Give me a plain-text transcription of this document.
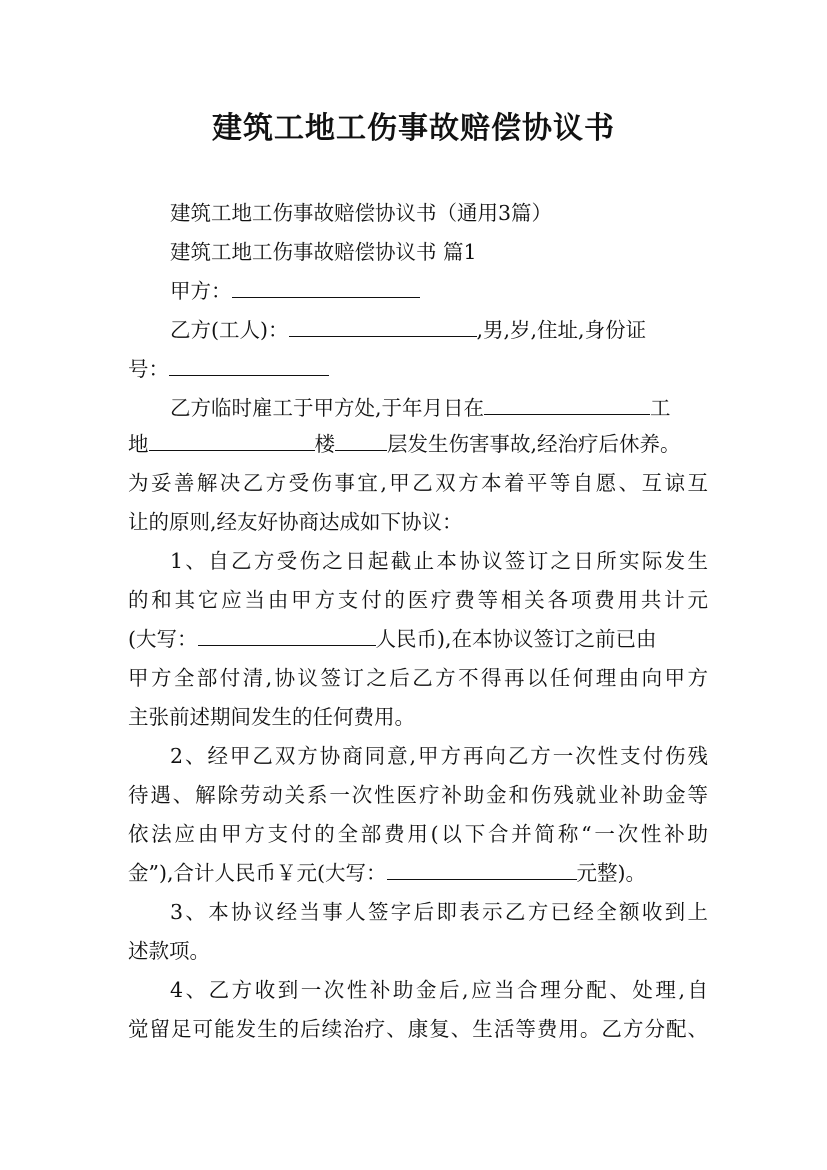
建筑工地工伤事故赔偿协议书
建筑工地工伤事故赔偿协议书（通用3篇）
建筑工地工伤事故赔偿协议书 篇1
甲方：
乙方(工人)：	,男,岁,住址,身份证
号：
乙方临时雇工于甲方处,于年月日在	工
地	楼	层发生伤害事故,经治疗后休养。
为妥善解决乙方受伤事宜,甲乙双方本着平等自愿、互谅互
让的原则,经友好协商达成如下协议：
1、自乙方受伤之日起截止本协议签订之日所实际发生
的和其它应当由甲方支付的医疗费等相关各项费用共计元
(大写：	人民币),在本协议签订之前已由
甲方全部付清,协议签订之后乙方不得再以任何理由向甲方
主张前述期间发生的任何费用。
2、经甲乙双方协商同意,甲方再向乙方一次性支付伤残
待遇、解除劳动关系一次性医疗补助金和伤残就业补助金等
依法应由甲方支付的全部费用(以下合并简称“一次性补助
金”),合计人民币￥元(大写：	元整)。
3、本协议经当事人签字后即表示乙方已经全额收到上
述款项。
4、乙方收到一次性补助金后,应当合理分配、处理,自
觉留足可能发生的后续治疗、康复、生活等费用。乙方分配、
